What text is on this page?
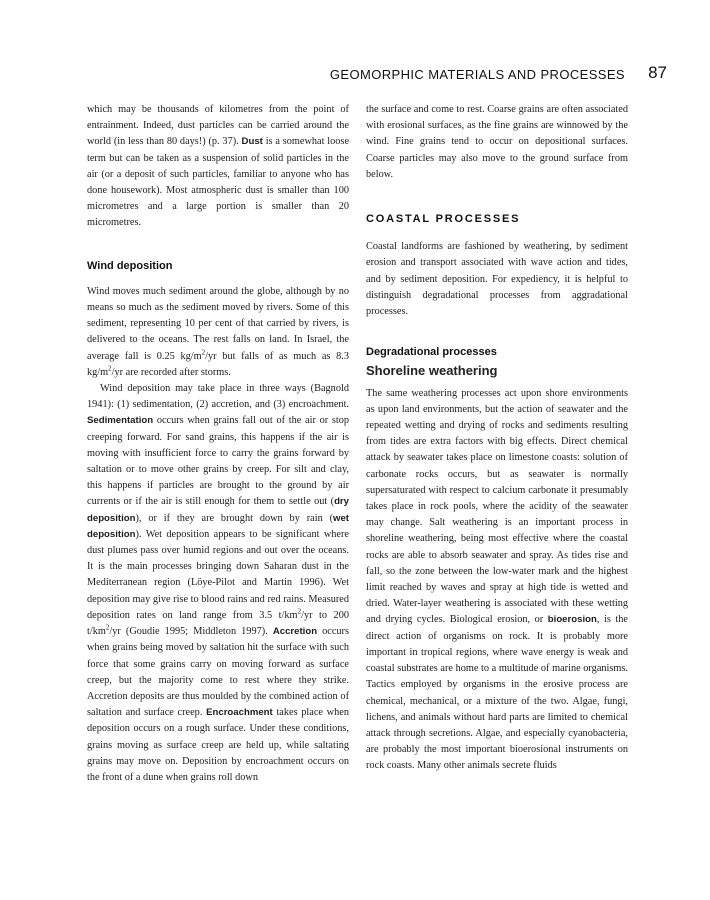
GEOMORPHIC MATERIALS AND PROCESSES 87

which may be thousands of kilometres from the point of entrainment. Indeed, dust particles can be carried around the world (in less than 80 days!) (p. 37). Dust is a somewhat loose term but can be taken as a suspension of solid particles in the air (or a deposit of such particles, familiar to anyone who has done housework). Most atmospheric dust is smaller than 100 micrometres and a large portion is smaller than 20 micrometres.

Wind deposition

Wind moves much sediment around the globe, although by no means so much as the sediment moved by rivers. Some of this sediment, representing 10 per cent of that carried by rivers, is delivered to the oceans. The rest falls on land. In Israel, the average fall is 0.25 $kg/m^2/yr$ but falls of as much as 8.3 $kg/m^2/yr$ are recorded after storms.

Wind deposition may take place in three ways (Bagnold 1941): (1) sedimentation, (2) accretion, and (3) encroachment. Sedimentation occurs when grains fall out of the air or stop creeping forward. For sand grains, this happens if the air is moving with insufficient force to carry the grains forward by saltation or to move other grains by creep. For silt and clay, this happens if particles are brought to the ground by air currents or if the air is still enough for them to settle out (dry deposition), or if they are brought down by rain (wet deposition). Wet deposition appears to be significant where dust plumes pass over humid regions and out over the oceans. It is the main processes bringing down Saharan dust in the Mediterranean region (Löye-Pilot and Martin 1996). Wet deposition may give rise to blood rains and red rains. Measured deposition rates on land range from 3.5 $t/km^2/yr$ to 200 $t/km^2/yr$ (Goudie 1995; Middleton 1997). Accretion occurs when grains being moved by saltation hit the surface with such force that some grains carry on moving forward as surface creep, but the majority come to rest where they strike. Accretion deposits are thus moulded by the combined action of saltation and surface creep. Encroachment takes place when deposition occurs on a rough surface. Under these conditions, grains moving as surface creep are held up, while saltating grains may move on. Deposition by encroachment occurs on the front of a dune when grains roll down

the surface and come to rest. Coarse grains are often associated with erosional surfaces, as the fine grains are winnowed by the wind. Fine grains tend to occur on depositional surfaces. Coarse particles may also move to the ground surface from below.

COASTAL PROCESSES

Coastal landforms are fashioned by weathering, by sediment erosion and transport associated with wave action and tides, and by sediment deposition. For expediency, it is helpful to distinguish degradational processes from aggradational processes.

Degradational processes
Shoreline weathering

The same weathering processes act upon shore environments as upon land environments, but the action of seawater and the repeated wetting and drying of rocks and sediments resulting from tides are extra factors with big effects. Direct chemical attack by seawater takes place on limestone coasts: solution of carbonate rocks occurs, but as seawater is normally supersaturated with respect to calcium carbonate it presumably takes place in rock pools, where the acidity of the seawater may change. Salt weathering is an important process in shoreline weathering, being most effective where the coastal rocks are able to absorb seawater and spray. As tides rise and fall, so the zone between the low-water mark and the highest limit reached by waves and spray at high tide is wetted and dried. Water-layer weathering is associated with these wetting and drying cycles. Biological erosion, or bioerosion, is the direct action of organisms on rock. It is probably more important in tropical regions, where wave energy is weak and coastal substrates are home to a multitude of marine organisms. Tactics employed by organisms in the erosive process are chemical, mechanical, or a mixture of the two. Algae, fungi, lichens, and animals without hard parts are limited to chemical attack through secretions. Algae, and especially cyanobacteria, are probably the most important bioerosional instruments on rock coasts. Many other animals secrete fluids
